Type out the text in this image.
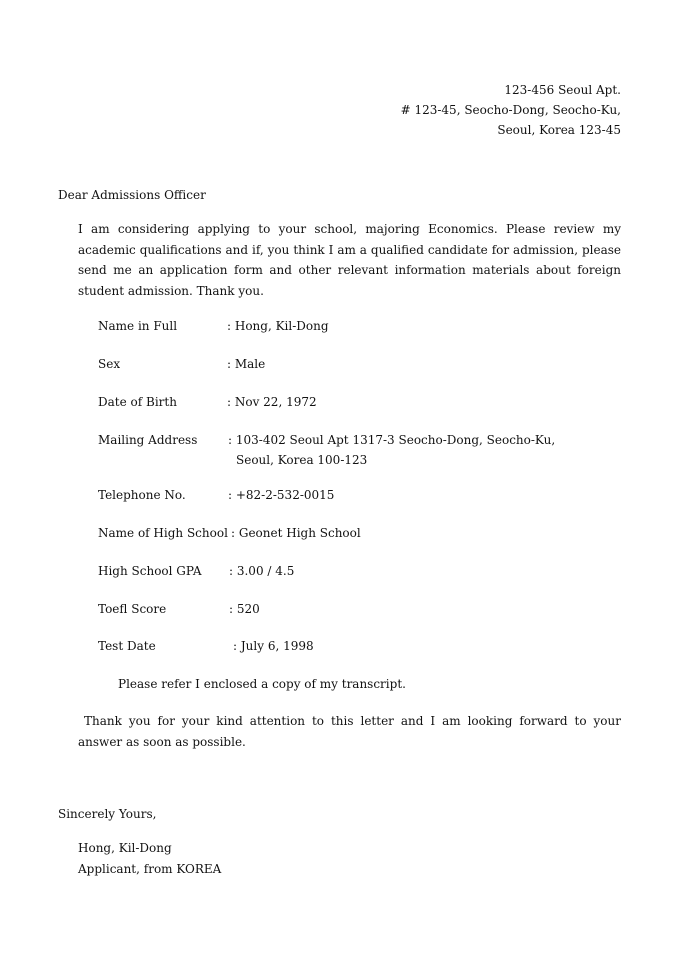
123-456 Seoul Apt.
# 123-45, Seocho-Dong, Seocho-Ku,
Seoul, Korea 123-45
Dear Admissions Officer

I am considering applying to your school, majoring Economics. Please review my academic qualifications and if, you think I am a qualified candidate for admission, please send me an application form and other relevant information materials about foreign student admission. Thank you.

Name in Full	: Hong, Kil-Dong
Sex	: Male
Date of Birth	: Nov 22, 1972
Mailing Address	: 103-402 Seoul Apt 1317-3 Seocho-Dong, Seocho-Ku,
Seoul, Korea 100-123
Telephone No.	: +82-2-532-0015
Name of High School : Geonet High School
High School GPA : 3.00 / 4.5
Toefl Score	: 520
Test Date	: July 6, 1998
Please refer I enclosed a copy of my transcript.

Thank you for your kind attention to this letter and I am looking forward to your answer as soon as possible.

Sincerely Yours,
Hong, Kil-Dong
Applicant, from KOREA
